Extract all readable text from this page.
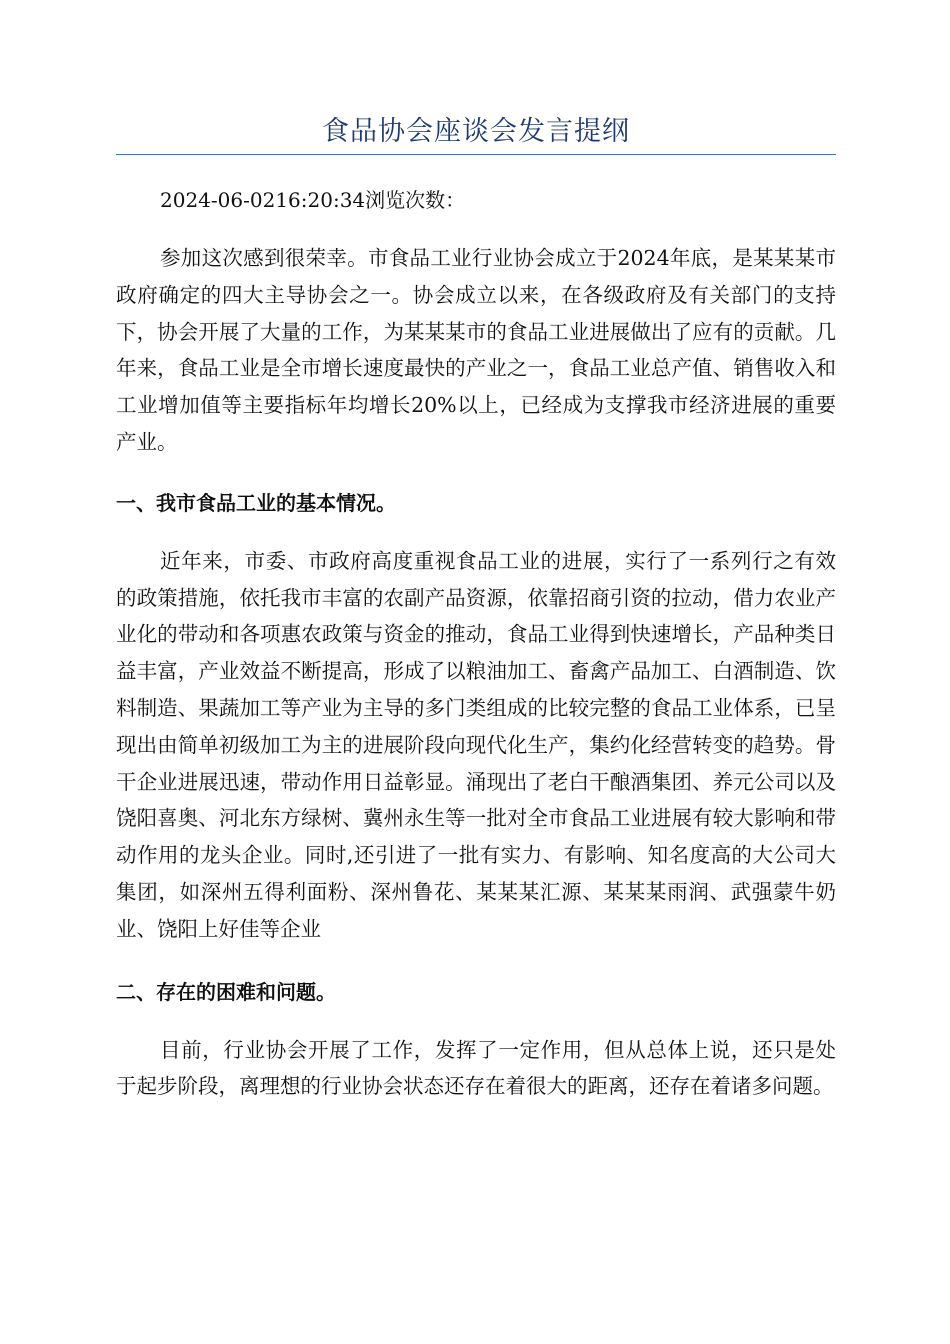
食品协会座谈会发言提纲
2024-06-0216:20:34浏览次数：

参加这次感到很荣幸。市食品工业行业协会成立于2024年底，是某某某市政府确定的四大主导协会之一。协会成立以来，在各级政府及有关部门的支持下，协会开展了大量的工作，为某某某市的食品工业进展做出了应有的贡献。几年来，食品工业是全市增长速度最快的产业之一，食品工业总产值、销售收入和工业增加值等主要指标年均增长20%以上，已经成为支撑我市经济进展的重要产业。

一、我市食品工业的基本情况。

近年来，市委、市政府高度重视食品工业的进展，实行了一系列行之有效的政策措施，依托我市丰富的农副产品资源，依靠招商引资的拉动，借力农业产业化的带动和各项惠农政策与资金的推动，食品工业得到快速增长，产品种类日益丰富，产业效益不断提高，形成了以粮油加工、畜禽产品加工、白酒制造、饮料制造、果蔬加工等产业为主导的多门类组成的比较完整的食品工业体系，已呈现出由简单初级加工为主的进展阶段向现代化生产，集约化经营转变的趋势。骨干企业进展迅速，带动作用日益彰显。涌现出了老白干酿酒集团、养元公司以及饶阳喜奥、河北东方绿树、冀州永生等一批对全市食品工业进展有较大影响和带动作用的龙头企业。同时,还引进了一批有实力、有影响、知名度高的大公司大集团，如深州五得利面粉、深州鲁花、某某某汇源、某某某雨润、武强蒙牛奶业、饶阳上好佳等企业

二、存在的困难和问题。

目前，行业协会开展了工作，发挥了一定作用，但从总体上说，还只是处于起步阶段，离理想的行业协会状态还存在着很大的距离，还存在着诸多问题。
